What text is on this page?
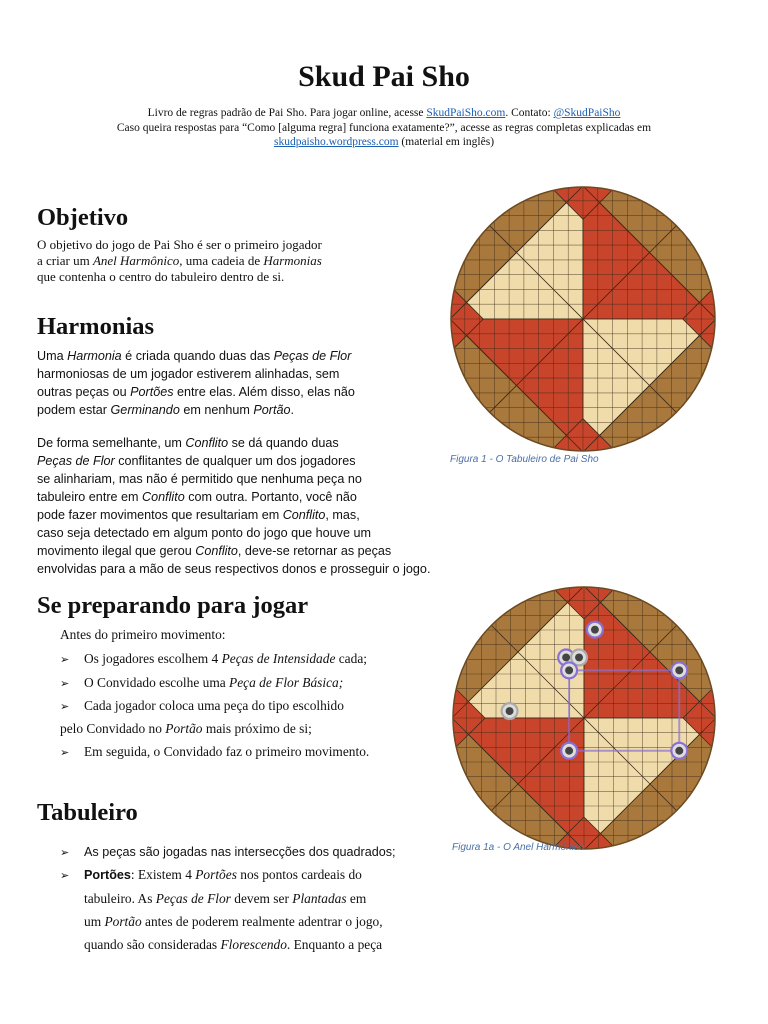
Skud Pai Sho
Livro de regras padrão de Pai Sho. Para jogar online, acesse SkudPaiSho.com. Contato: @SkudPaiSho
Caso queira respostas para “Como [alguma regra] funciona exatamente?”, acesse as regras completas explicadas em
skudpaisho.wordpress.com (material em inglês)
Objetivo
O objetivo do jogo de Pai Sho é ser o primeiro jogador
a criar um Anel Harmônico, uma cadeia de Harmonias
que contenha o centro do tabuleiro dentro de si.
Harmonias
Uma Harmonia é criada quando duas das Peças de Flor
harmoniosas de um jogador estiverem alinhadas, sem
outras peças ou Portões entre elas. Além disso, elas não
podem estar Germinando em nenhum Portão.
De forma semelhante, um Conflito se dá quando duas
Peças de Flor conflitantes de qualquer um dos jogadores
se alinhariam, mas não é permitido que nenhuma peça no
tabuleiro entre em Conflito com outra. Portanto, você não
pode fazer movimentos que resultariam em Conflito, mas,
caso seja detectado em algum ponto do jogo que houve um
movimento ilegal que gerou Conflito, deve-se retornar as peças
envolvidas para a mão de seus respectivos donos e prosseguir o jogo.
Se preparando para jogar
Antes do primeiro movimento:
➢ Os jogadores escolhem 4 Peças de Intensidade cada;
➢ O Convidado escolhe uma Peça de Flor Básica;
➢ Cada jogador coloca uma peça do tipo escolhido
pelo Convidado no Portão mais próximo de si;
➢ Em seguida, o Convidado faz o primeiro movimento.
Tabuleiro
➢ As peças são jogadas nas intersecções dos quadrados;
➢ Portões: Existem 4 Portões nos pontos cardeais do
tabuleiro. As Peças de Flor devem ser Plantadas em
um Portão antes de poderem realmente adentrar o jogo,
quando são consideradas Florescendo. Enquanto a peça
Figura 1 - O Tabuleiro de Pai Sho
Figura 1a - O Anel Harmônico
